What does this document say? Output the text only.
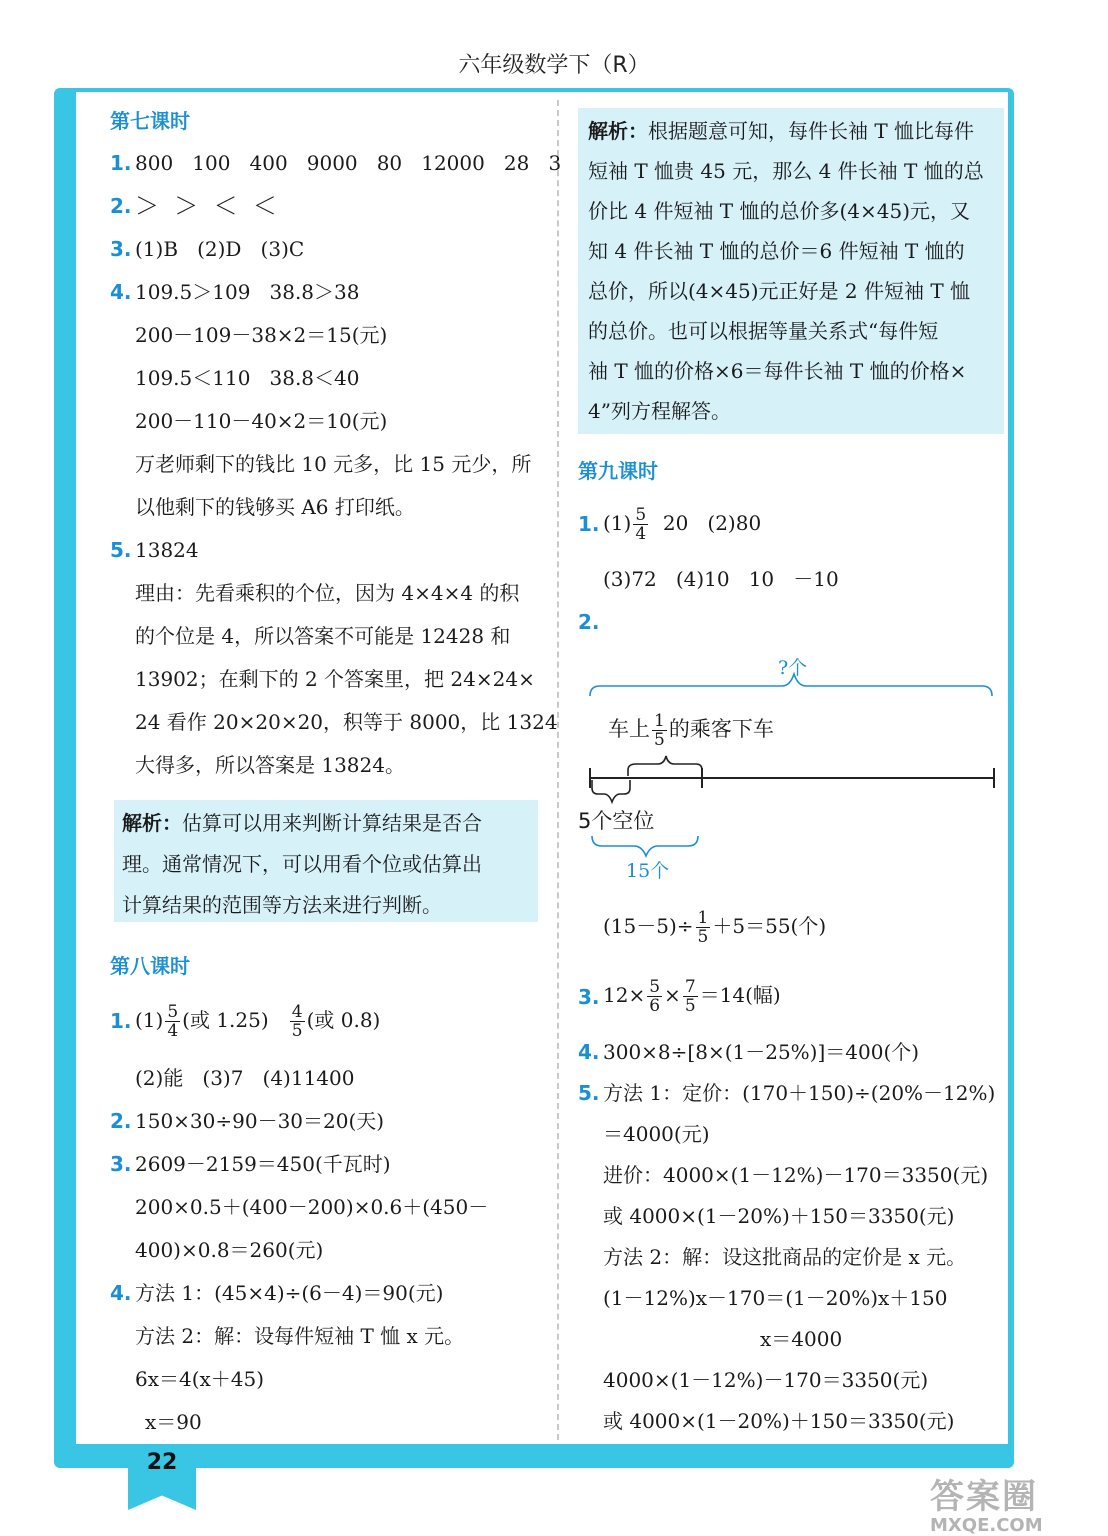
六年级数学下（R）
第七课时
1. 800   100   400   9000   80   12000   28   3
2. ＞  ＞  ＜  ＜
3. (1)B   (2)D   (3)C
4. 109.5＞109   38.8＞38
200－109－38×2＝15(元)
109.5＜110   38.8＜40
200－110－40×2＝10(元)
万老师剩下的钱比 10 元多，比 15 元少，所
以他剩下的钱够买 A6 打印纸。
5. 13824
理由：先看乘积的个位，因为 4×4×4 的积
的个位是 4，所以答案不可能是 12428 和
13902；在剩下的 2 个答案里，把 24×24×
24 看作 20×20×20，积等于 8000，比 1324
大得多，所以答案是 13824。
解析：估算可以用来判断计算结果是否合
理。通常情况下，可以用看个位或估算出
计算结果的范围等方法来进行判断。
第八课时
1. $(1) \frac{5}{4}$ (或 $1.25) \frac{4}{5}$ (或 0.8)
(2)能   (3)7   (4)11400
2. 150×30÷90－30＝20(天)
3. 2609－2159＝450(千瓦时)
200×0.5＋(400－200)×0.6＋(450－
400)×0.8＝260(元)
4. 方法 1：(45×4)÷(6－4)＝90(元)
方法 2：解：设每件短袖 T 恤 x 元。
6x＝4(x＋45)
x＝90
解析：根据题意可知，每件长袖 T 恤比每件
短袖 T 恤贵 45 元，那么 4 件长袖 T 恤的总
价比 4 件短袖 T 恤的总价多(4×45)元，又
知 4 件长袖 T 恤的总价＝6 件短袖 T 恤的
总价，所以(4×45)元正好是 2 件短袖 T 恤
的总价。也可以根据等量关系式“每件短
袖 T 恤的价格×6＝每件长袖 T 恤的价格×
4”列方程解答。
第九课时
1. $(1) \frac{5}{4} 20$   (2)80
(3)72   (4)10   10   －10
2.
?个
车上 $\frac{1}{5}$ 的乘客下车
5个空位
15个
$(15-5)\div \frac{1}{5} +5=55$(个)
3. $12\times \frac{5}{6} \times \frac{7}{5} =14$(幅)
4. 300×8÷[8×(1－25%)]＝400(个)
5. 方法 1：定价：(170＋150)÷(20%－12%)
＝4000(元)
进价：4000×(1－12%)－170＝3350(元)
或 4000×(1－20%)＋150＝3350(元)
方法 2：解：设这批商品的定价是 x 元。
(1－12%)x－170＝(1－20%)x＋150
x＝4000
4000×(1－12%)－170＝3350(元)
或 4000×(1－20%)＋150＝3350(元)
22
答案圈
MXQE.COM
